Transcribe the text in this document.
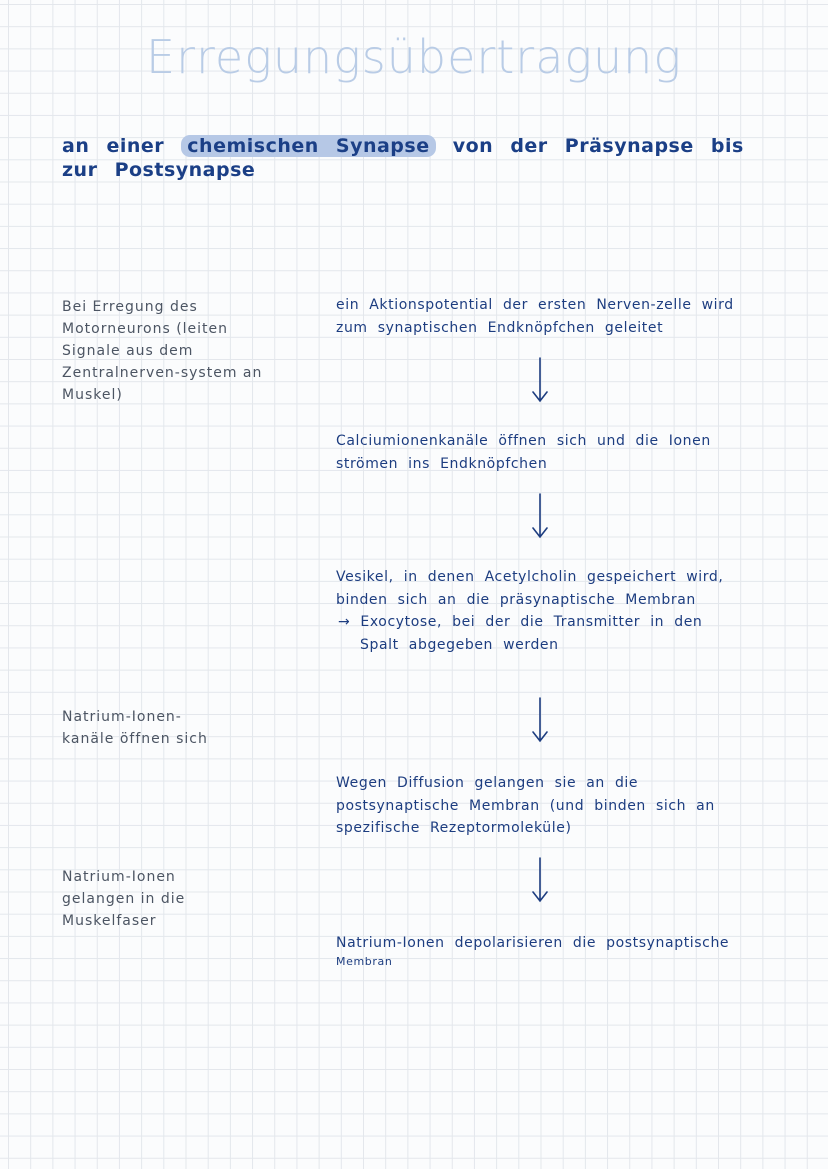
Erregungsübertragung
an einer chemischen Synapse von der Präsynapse bis zur Postsynapse
Bei Erregung des Motorneurons (leiten Signale aus dem Zentralnerven-system an Muskel)
Natrium-Ionen-kanäle öffnen sich
Natrium-Ionen gelangen in die Muskelfaser
ein Aktionspotential der ersten Nerven-zelle wird zum synaptischen Endknöpfchen geleitet
Calciumionenkanäle öffnen sich und die Ionen strömen ins Endknöpfchen
Vesikel, in denen Acetylcholin gespeichert wird, binden sich an die präsynaptische Membran
→ Exocytose, bei der die Transmitter in den Spalt abgegeben werden
Wegen Diffusion gelangen sie an die postsynaptische Membran (und binden sich an spezifische Rezeptormoleküle)
Natrium-Ionen depolarisieren die postsynaptische
Membran
